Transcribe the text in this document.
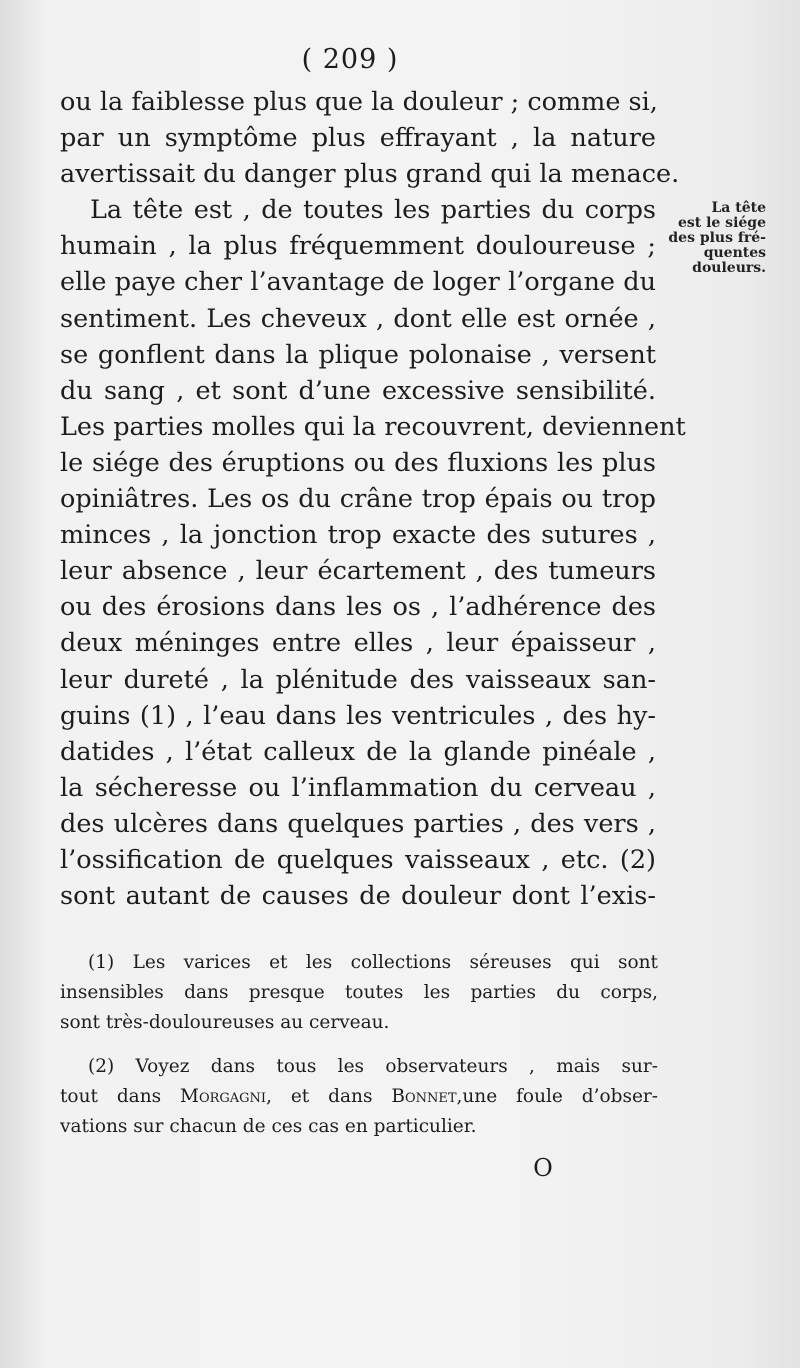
( 209 )
ou la faiblesse plus que la douleur ; comme si,
par un symptôme plus effrayant , la nature
avertissait du danger plus grand qui la menace.
La tête est , de toutes les parties du corps
humain , la plus fréquemment douloureuse ;
elle paye cher l’avantage de loger l’organe du
sentiment. Les cheveux , dont elle est ornée ,
se gonflent dans la plique polonaise , versent
du sang , et sont d’une excessive sensibilité.
Les parties molles qui la recouvrent, deviennent
le siége des éruptions ou des fluxions les plus
opiniâtres. Les os du crâne trop épais ou trop
minces , la jonction trop exacte des sutures ,
leur absence , leur écartement , des tumeurs
ou des érosions dans les os , l’adhérence des
deux méninges entre elles , leur épaisseur ,
leur dureté , la plénitude des vaisseaux san-
guins (1) , l’eau dans les ventricules , des hy-
datides , l’état calleux de la glande pinéale ,
la sécheresse ou l’inflammation du cerveau ,
des ulcères dans quelques parties , des vers ,
l’ossification de quelques vaisseaux , etc. (2)
sont autant de causes de douleur dont l’exis-
La tête
est le siége
des plus fré-
quentes
douleurs.
(1) Les varices et les collections séreuses qui sont
insensibles dans presque toutes les parties du corps,
sont très-douloureuses au cerveau.
(2) Voyez dans tous les observateurs , mais sur-
tout dans Morgagni, et dans Bonnet,une foule d’obser-
vations sur chacun de ces cas en particulier.
O
